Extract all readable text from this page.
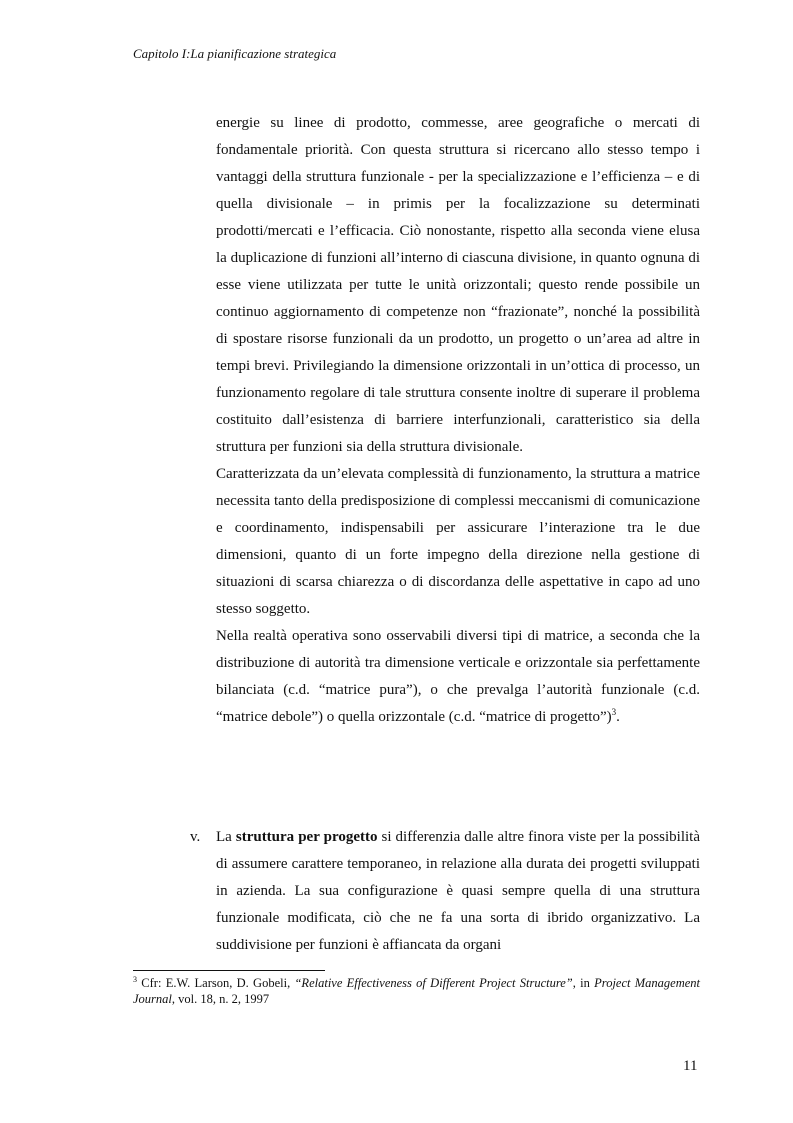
Capitolo I:La pianificazione strategica

energie su linee di prodotto, commesse, aree geografiche o mercati di fondamentale priorità. Con questa struttura si ricercano allo stesso tempo i vantaggi della struttura funzionale - per la specializzazione e l’efficienza – e di quella divisionale – in primis per la focalizzazione su determinati prodotti/mercati e l’efficacia. Ciò nonostante, rispetto alla seconda viene elusa la duplicazione di funzioni all’interno di ciascuna divisione, in quanto ognuna di esse viene utilizzata per tutte le unità orizzontali; questo rende possibile un continuo aggiornamento di competenze non “frazionate”, nonché la possibilità di spostare risorse funzionali da un prodotto, un progetto o un’area ad altre in tempi brevi. Privilegiando la dimensione orizzontali in un’ottica di processo, un funzionamento regolare di tale struttura consente inoltre di superare il problema costituito dall’esistenza di barriere interfunzionali, caratteristico sia della struttura per funzioni sia della struttura divisionale.

Caratterizzata da un’elevata complessità di funzionamento, la struttura a matrice necessita tanto della predisposizione di complessi meccanismi di comunicazione e coordinamento, indispensabili per assicurare l’interazione tra le due dimensioni, quanto di un forte impegno della direzione nella gestione di situazioni di scarsa chiarezza o di discordanza delle aspettative in capo ad uno stesso soggetto.

Nella realtà operativa sono osservabili diversi tipi di matrice, a seconda che la distribuzione di autorità tra dimensione verticale e orizzontale sia perfettamente bilanciata (c.d. “matrice pura”), o che prevalga l’autorità funzionale (c.d. “matrice debole”) o quella orizzontale (c.d. “matrice di progetto”)$^3$.

v. La struttura per progetto si differenzia dalle altre finora viste per la possibilità di assumere carattere temporaneo, in relazione alla durata dei progetti sviluppati in azienda. La sua configurazione è quasi sempre quella di una struttura funzionale modificata, ciò che ne fa una sorta di ibrido organizzativo. La suddivisione per funzioni è affiancata da organi

$^3$ Cfr: E.W. Larson, D. Gobeli, “Relative Effectiveness of Different Project Structure”, in Project Management Journal, vol. 18, n. 2, 1997
11
